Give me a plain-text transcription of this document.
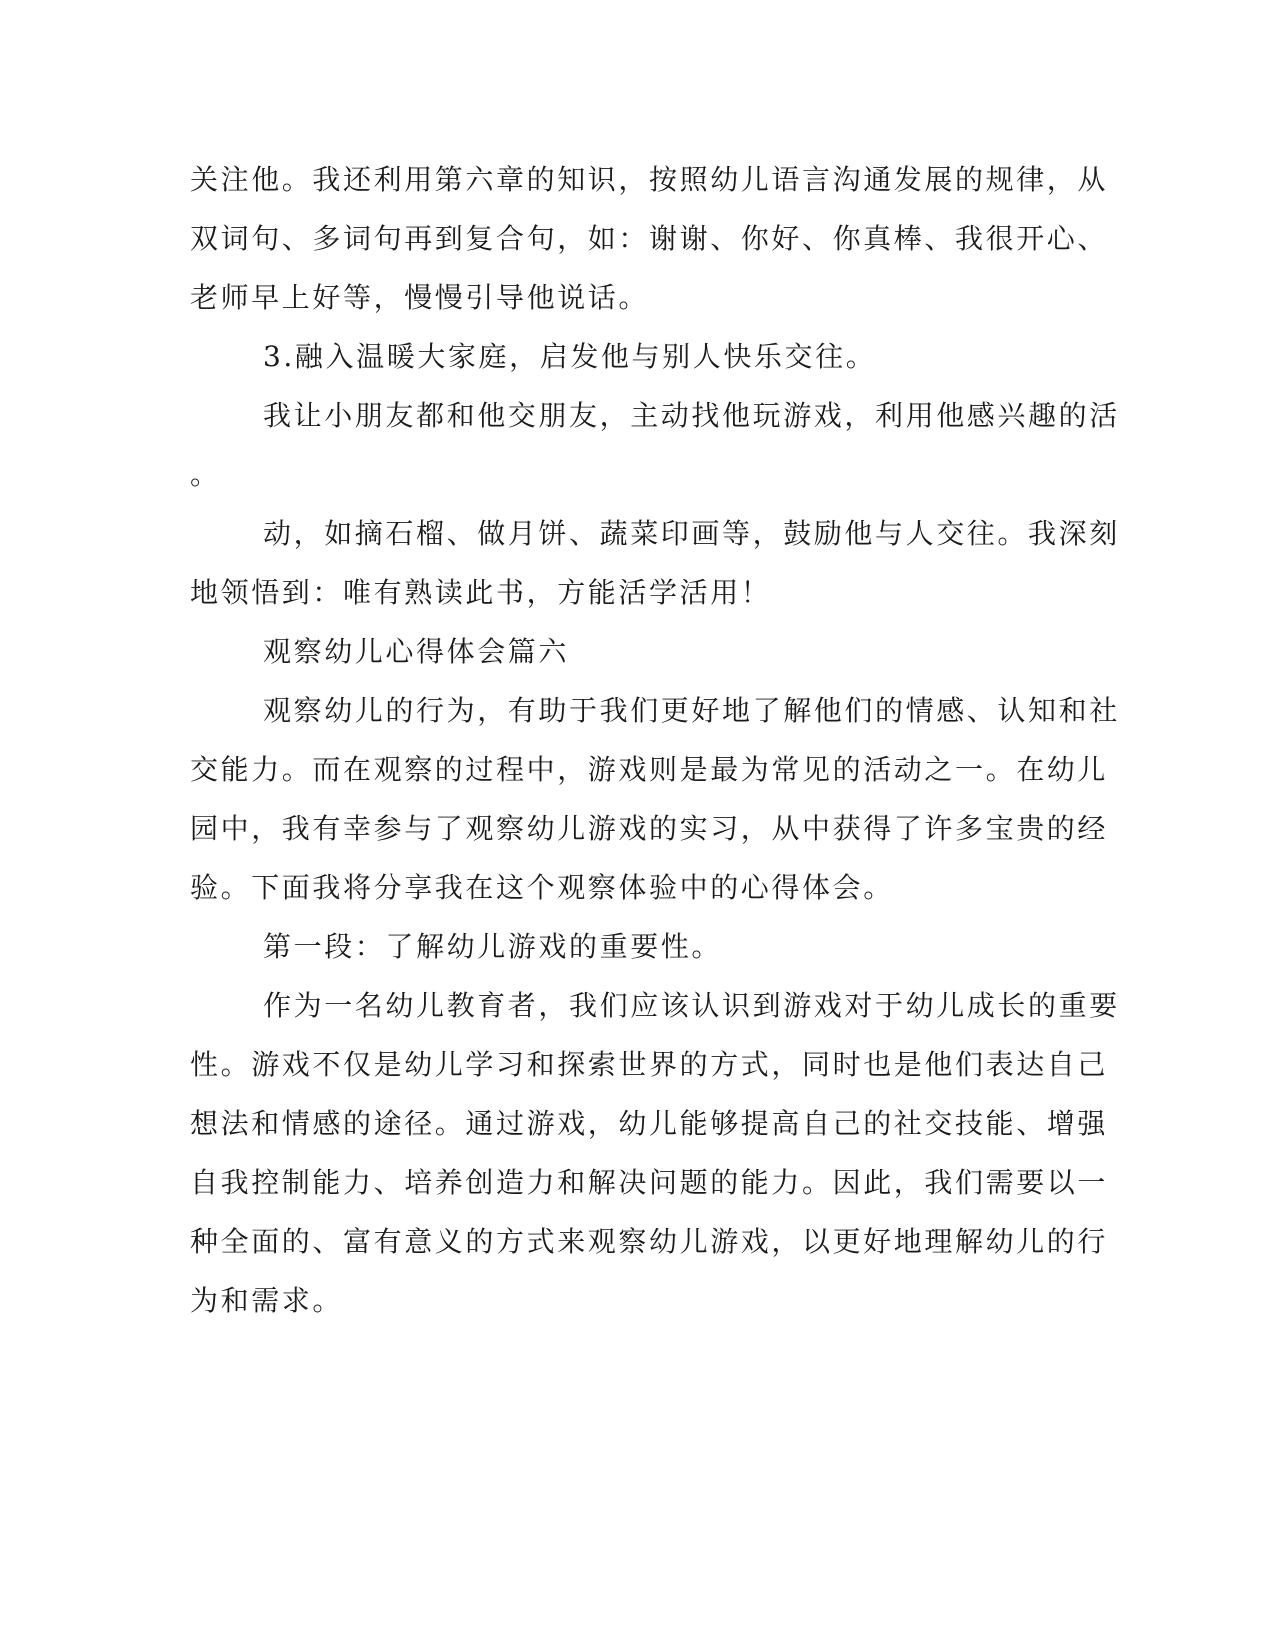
关注他。我还利用第六章的知识，按照幼儿语言沟通发展的规律，从
双词句、多词句再到复合句，如：谢谢、你好、你真棒、我很开心、
老师早上好等，慢慢引导他说话。
3.融入温暖大家庭，启发他与别人快乐交往。
我让小朋友都和他交朋友，主动找他玩游戏，利用他感兴趣的活
。
动，如摘石榴、做月饼、蔬菜印画等，鼓励他与人交往。我深刻
地领悟到：唯有熟读此书，方能活学活用！
观察幼儿心得体会篇六
观察幼儿的行为，有助于我们更好地了解他们的情感、认知和社
交能力。而在观察的过程中，游戏则是最为常见的活动之一。在幼儿
园中，我有幸参与了观察幼儿游戏的实习，从中获得了许多宝贵的经
验。下面我将分享我在这个观察体验中的心得体会。
第一段：了解幼儿游戏的重要性。
作为一名幼儿教育者，我们应该认识到游戏对于幼儿成长的重要
性。游戏不仅是幼儿学习和探索世界的方式，同时也是他们表达自己
想法和情感的途径。通过游戏，幼儿能够提高自己的社交技能、增强
自我控制能力、培养创造力和解决问题的能力。因此，我们需要以一
种全面的、富有意义的方式来观察幼儿游戏，以更好地理解幼儿的行
为和需求。
